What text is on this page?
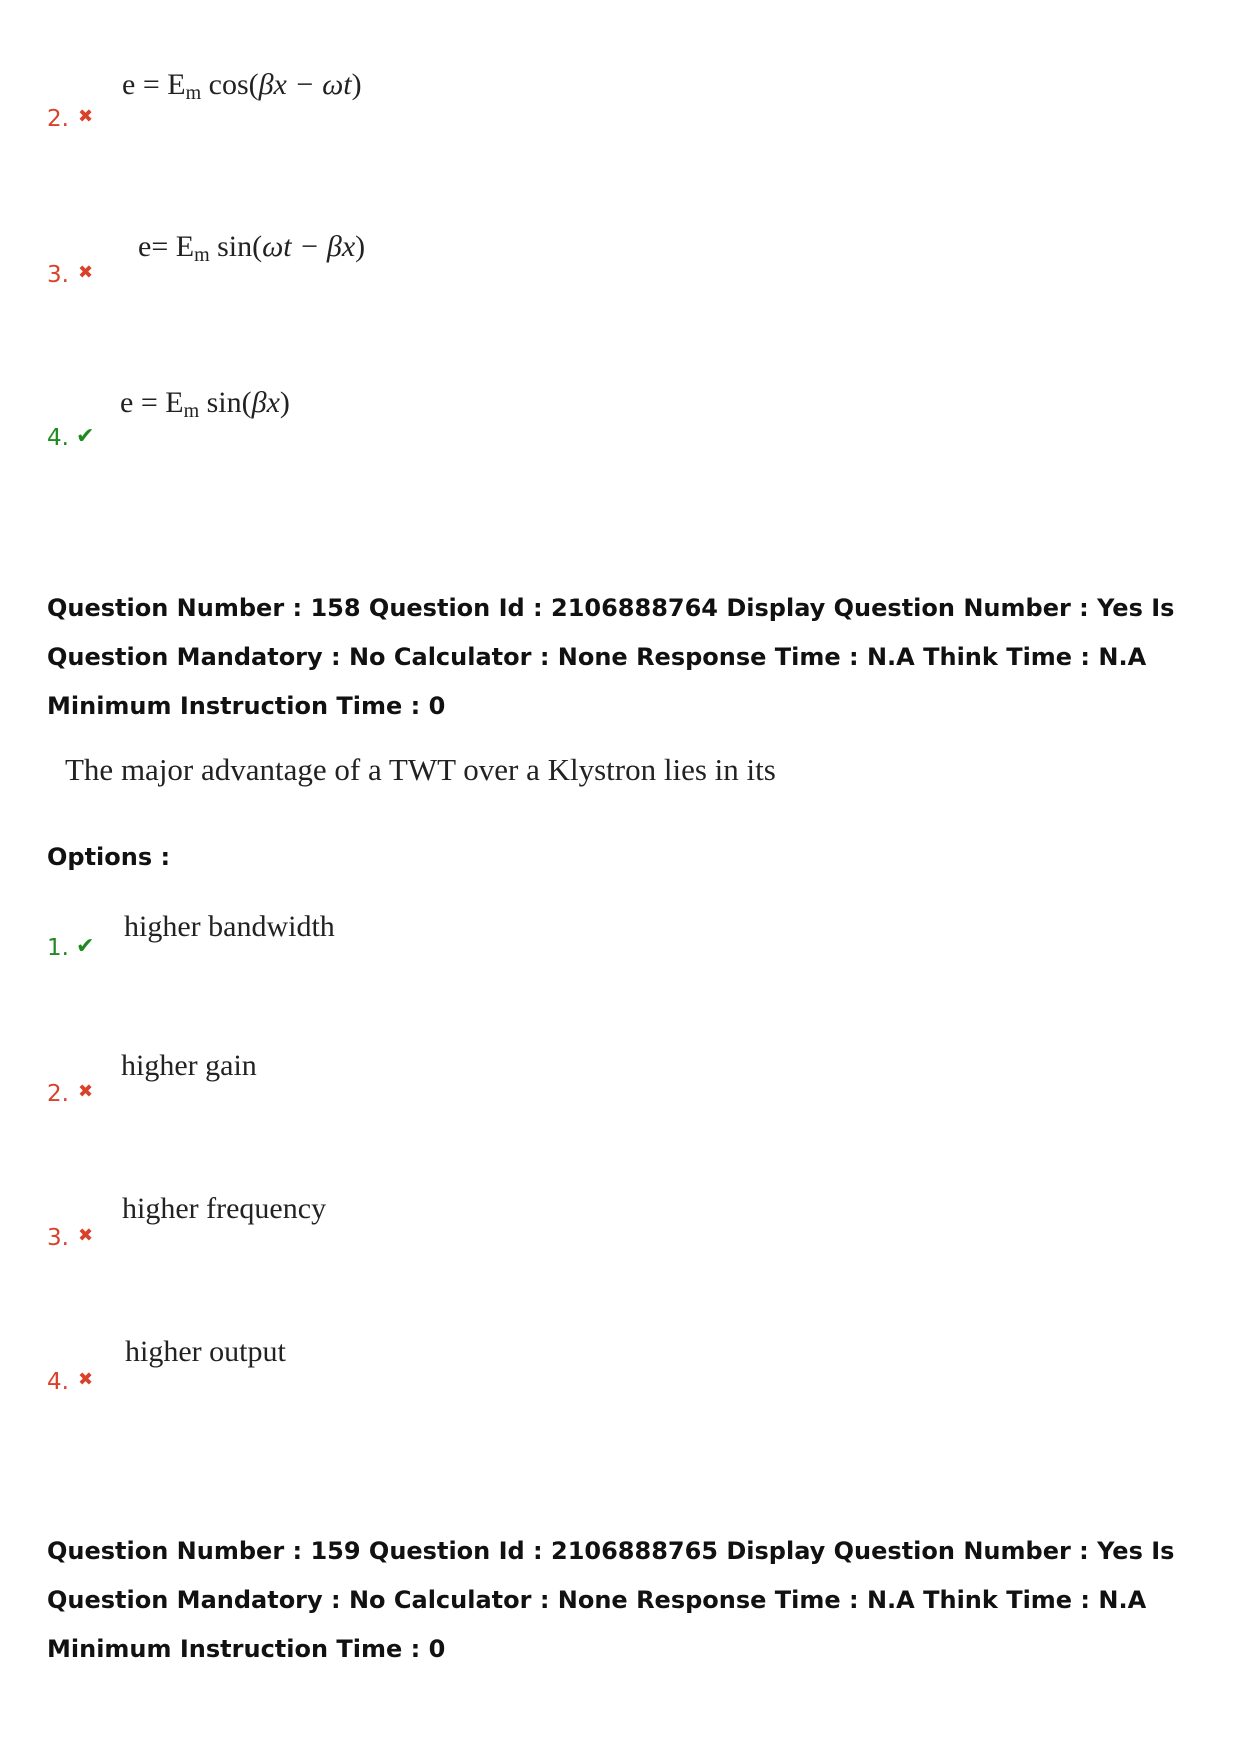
2. ✖
$e = E_m$ cos(βx − ωt)
3. ✖
$e= E_m$ sin(ωt − βx)
4. ✔
$e = E_m$ sin(βx)
Question Number : 158 Question Id : 2106888764 Display Question Number : Yes Is Question Mandatory : No Calculator : None Response Time : N.A Think Time : N.A Minimum Instruction Time : 0
The major advantage of a TWT over a Klystron lies in its
Options :
1. ✔
higher bandwidth
2. ✖
higher gain
3. ✖
higher frequency
4. ✖
higher output
Question Number : 159 Question Id : 2106888765 Display Question Number : Yes Is Question Mandatory : No Calculator : None Response Time : N.A Think Time : N.A Minimum Instruction Time : 0
